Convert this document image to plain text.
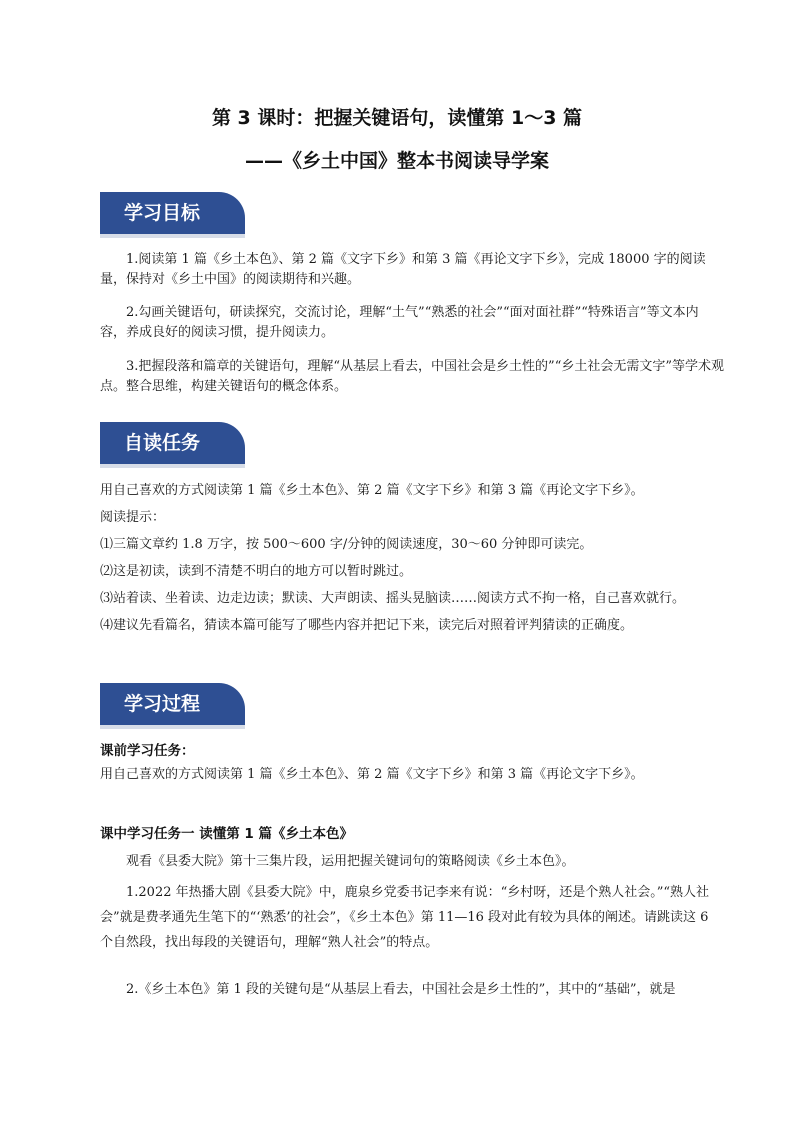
第 3 课时：把握关键语句，读懂第 1～3 篇
——《乡土中国》整本书阅读导学案
学习目标
1.阅读第 1 篇《乡土本色》、第 2 篇《文字下乡》和第 3 篇《再论文字下乡》，完成 18000 字的阅读量，保持对《乡土中国》的阅读期待和兴趣。
2.勾画关键语句，研读探究，交流讨论，理解“土气”“熟悉的社会”“面对面社群”“特殊语言”等文本内容，养成良好的阅读习惯，提升阅读力。
3.把握段落和篇章的关键语句，理解“从基层上看去，中国社会是乡土性的”“乡土社会无需文字”等学术观点。整合思维，构建关键语句的概念体系。
自读任务
用自己喜欢的方式阅读第 1 篇《乡土本色》、第 2 篇《文字下乡》和第 3 篇《再论文字下乡》。
阅读提示：
⑴三篇文章约 1.8 万字，按 500～600 字/分钟的阅读速度，30～60 分钟即可读完。
⑵这是初读，读到不清楚不明白的地方可以暂时跳过。
⑶站着读、坐着读、边走边读；默读、大声朗读、摇头晃脑读……阅读方式不拘一格，自己喜欢就行。
⑷建议先看篇名，猜读本篇可能写了哪些内容并把记下来，读完后对照着评判猜读的正确度。
学习过程
课前学习任务：
用自己喜欢的方式阅读第 1 篇《乡土本色》、第 2 篇《文字下乡》和第 3 篇《再论文字下乡》。
课中学习任务一 读懂第 1 篇《乡土本色》
观看《县委大院》第十三集片段，运用把握关键词句的策略阅读《乡土本色》。
1.2022 年热播大剧《县委大院》中，鹿泉乡党委书记李来有说：“乡村呀，还是个熟人社会。”“熟人社会”就是费孝通先生笔下的“‘熟悉’的社会”，《乡土本色》第 11—16 段对此有较为具体的阐述。请跳读这 6 个自然段，找出每段的关键语句，理解“熟人社会”的特点。
2.《乡土本色》第 1 段的关键句是“从基层上看去，中国社会是乡土性的”，其中的“基础”，就是
